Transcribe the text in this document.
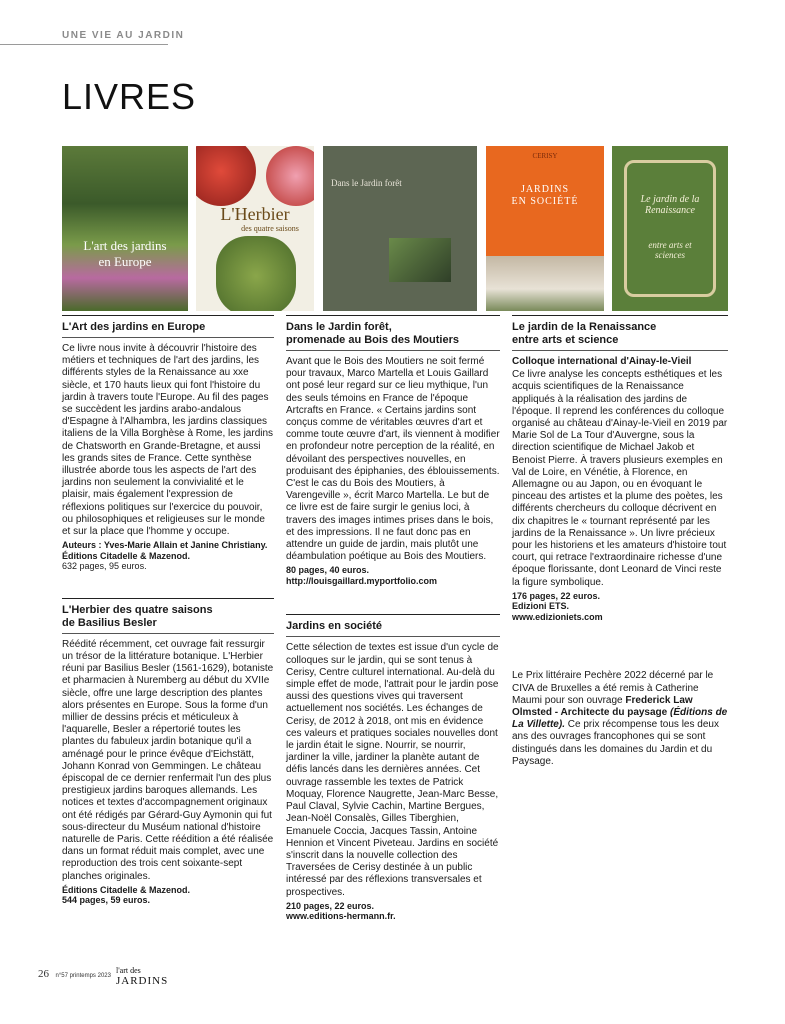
UNE VIE AU JARDIN
LIVRES
L'art des jardins
en Europe
L'Herbier
des quatre saisons
Dans le Jardin forêt
CERISY
JARDINS
EN SOCIÉTÉ	Le jardin de la Renaissance
entre arts et sciences
L'Art des jardins en Europe
Ce livre nous invite à découvrir l'histoire des métiers et techniques de l'art des jardins, les différents styles de la Renaissance au xxe siècle, et 170 hauts lieux qui font l'histoire du jardin à travers toute l'Europe. Au fil des pages se succèdent les jardins arabo-andalous d'Espagne à l'Alhambra, les jardins classiques italiens de la Villa Borghèse à Rome, les jardins de Chatsworth en Grande-Bretagne, et aussi les grands sites de France. Cette synthèse illustrée aborde tous les aspects de l'art des jardins non seulement la convivialité et le plaisir, mais également l'expression de réflexions politiques sur l'exercice du pouvoir, ou philosophiques et religieuses sur le monde et sur la place que l'homme y occupe.
Auteurs : Yves-Marie Allain et Janine Christiany.
Éditions Citadelle & Mazenod.
632 pages, 95 euros.
L'Herbier des quatre saisons
de Basilius Besler
Réédité récemment, cet ouvrage fait ressurgir un trésor de la littérature botanique. L'Herbier réuni par Basilius Besler (1561-1629), botaniste et pharmacien à Nuremberg au début du XVIIe siècle, offre une large description des plantes alors présentes en Europe. Sous la forme d'un millier de dessins précis et méticuleux à l'aquarelle, Besler a répertorié toutes les plantes du fabuleux jardin botanique qu'il a aménagé pour le prince évêque d'Eichstätt, Johann Konrad von Gemmingen. Le château épiscopal de ce dernier renfermait l'un des plus prestigieux jardins baroques allemands. Les notices et textes d'accompagnement originaux ont été rédigés par Gérard-Guy Aymonin qui fut sous-directeur du Muséum national d'histoire naturelle de Paris. Cette réédition a été réalisée dans un format réduit mais complet, avec une reproduction des trois cent soixante-sept planches originales.
Éditions Citadelle & Mazenod.
544 pages, 59 euros.
Dans le Jardin forêt,
promenade au Bois des Moutiers
Avant que le Bois des Moutiers ne soit fermé pour travaux, Marco Martella et Louis Gaillard ont posé leur regard sur ce lieu mythique, l'un des seuls témoins en France de l'époque Artcrafts en France. « Certains jardins sont conçus comme de véritables œuvres d'art et comme toute œuvre d'art, ils viennent à modifier en profondeur notre perception de la réalité, en dévoilant des perspectives nouvelles, en produisant des épiphanies, des éblouissements. C'est le cas du Bois des Moutiers, à Varengeville », écrit Marco Martella. Le but de ce livre est de faire surgir le genius loci, à travers des images intimes prises dans le bois, et des impressions. Il ne faut donc pas en attendre un guide de jardin, mais plutôt une déambulation poétique au Bois des Moutiers.
80 pages, 40 euros.
http://louisgaillard.myportfolio.com
Jardins en société
Cette sélection de textes est issue d'un cycle de colloques sur le jardin, qui se sont tenus à Cerisy, Centre culturel international. Au-delà du simple effet de mode, l'attrait pour le jardin pose aussi des questions vives qui traversent actuellement nos sociétés. Les échanges de Cerisy, de 2012 à 2018, ont mis en évidence ces valeurs et pratiques sociales nouvelles dont le jardin était le signe. Nourrir, se nourrir, jardiner la ville, jardiner la planète autant de défis lancés dans les dernières années. Cet ouvrage rassemble les textes de Patrick Moquay, Florence Naugrette, Jean-Marc Besse, Paul Claval, Sylvie Cachin, Martine Bergues, Jean-Noël Consalès, Gilles Tiberghien, Emanuele Coccia, Jacques Tassin, Antoine Hennion et Vincent Piveteau. Jardins en société s'inscrit dans la nouvelle collection des Traversées de Cerisy destinée à un public intéressé par des réflexions transversales et prospectives.
210 pages, 22 euros.
www.editions-hermann.fr.
Le jardin de la Renaissance
entre arts et science
Colloque international d'Ainay-le-Vieil
Ce livre analyse les concepts esthétiques et les acquis scientifiques de la Renaissance appliqués à la réalisation des jardins de l'époque. Il reprend les conférences du colloque organisé au château d'Ainay-le-Vieil en 2019 par Marie Sol de La Tour d'Auvergne, sous la direction scientifique de Michael Jakob et Benoist Pierre. À travers plusieurs exemples en Val de Loire, en Vénétie, à Florence, en Allemagne ou au Japon, ou en évoquant le pinceau des artistes et la plume des poètes, les différents chercheurs du colloque décrivent en dix chapitres le « tournant représenté par les jardins de la Renaissance ». Un livre précieux pour les historiens et les amateurs d'histoire tout court, qui retrace l'extraordinaire richesse d'une époque florissante, dont Leonard de Vinci reste la figure symbolique.
176 pages, 22 euros.
Edizioni ETS.
www.edizioniets.com
Le Prix littéraire Pechère 2022 décerné par le CIVA de Bruxelles a été remis à Catherine Maumi pour son ouvrage Frederick Law Olmsted - Architecte du paysage (Éditions de La Villette). Ce prix récompense tous les deux ans des ouvrages francophones qui se sont distingués dans les domaines du Jardin et du Paysage.
26 n°57 printemps 2023
l'art des
JARDINS
